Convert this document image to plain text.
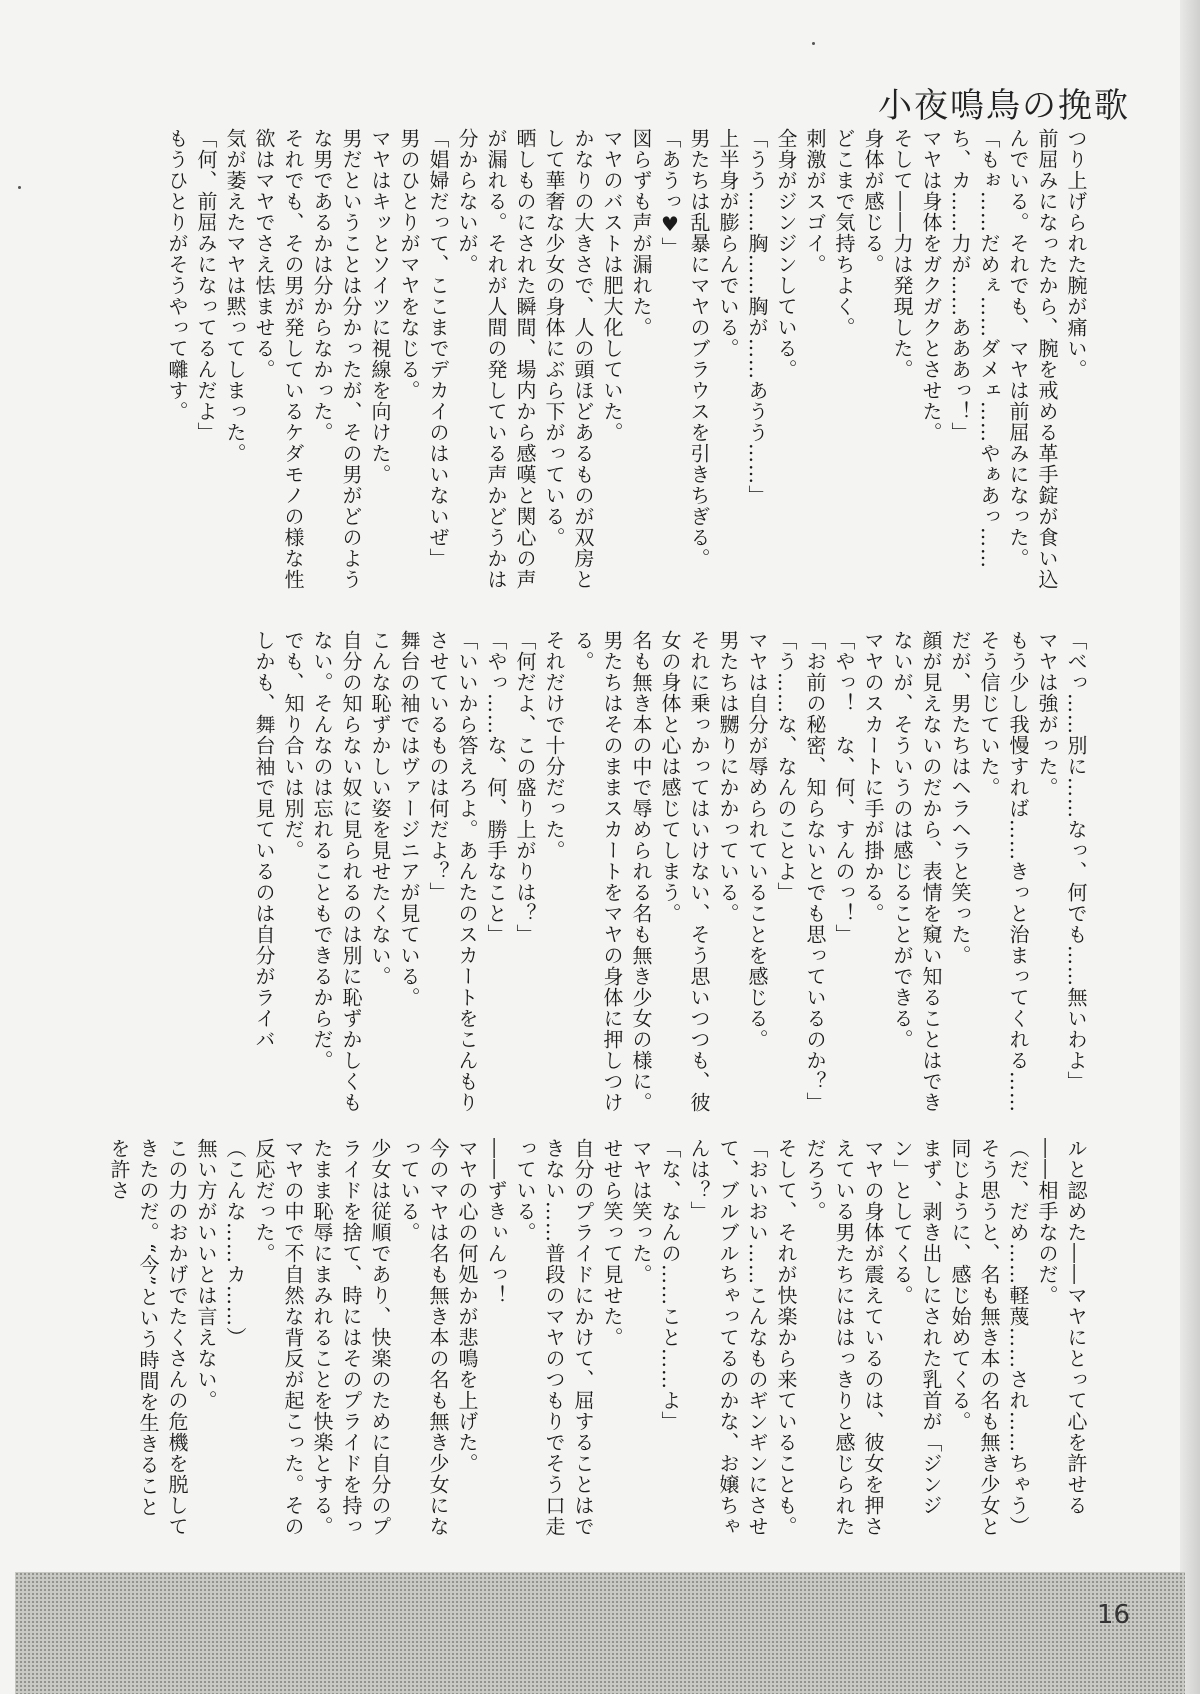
小夜鳴鳥の挽歌

つり上げられた腕が痛い。

前屈みになったから、腕を戒める革手錠が食い込んでいる。それでも、マヤは前屈みになった。

「もぉ……だめぇ……ダメェ……やぁあっ……ち、カ……力が……あああっ！」

マヤは身体をガクガクとさせた。

そして――力は発現した。

身体が感じる。

どこまで気持ちよく。

刺激がスゴイ。

全身がジンジンしている。

「うう……胸……胸が……あうう……」

上半身が膨らんでいる。

男たちは乱暴にマヤのブラウスを引きちぎる。

「あうっ♥」

図らずも声が漏れた。

マヤのバストは肥大化していた。

かなりの大きさで、人の頭ほどあるものが双房として華奢な少女の身体にぶら下がっている。

晒しものにされた瞬間、場内から感嘆と関心の声が漏れる。それが人間の発している声かどうかは分からないが。

「娼婦だって、ここまでデカイのはいないぜ」

男のひとりがマヤをなじる。

マヤはキッとソイツに視線を向けた。

男だということは分かったが、その男がどのような男であるかは分からなかった。

それでも、その男が発しているケダモノの様な性欲はマヤでさえ怯ませる。

気が萎えたマヤは黙ってしまった。

「何、前屈みになってるんだよ」

もうひとりがそうやって囃す。

「べっ……別に……なっ、何でも……無いわよ」

マヤは強がった。

もう少し我慢すれば……きっと治まってくれる……そう信じていた。

だが、男たちはヘラヘラと笑った。

顔が見えないのだから、表情を窺い知ることはできないが、そういうのは感じることができる。

マヤのスカートに手が掛かる。

「やっ！　な、何、すんのっ！」

「お前の秘密、知らないとでも思っているのか？」

「う……な、なんのことよ」

マヤは自分が辱められていることを感じる。

男たちは嬲りにかかっている。

それに乗っかってはいけない、そう思いつつも、彼女の身体と心は感じてしまう。

名も無き本の中で辱められる名も無き少女の様に。

男たちはそのままスカートをマヤの身体に押しつける。

それだけで十分だった。

「何だよ、この盛り上がりは？」

「やっ……な、何、勝手なこと」

「いいから答えろよ。あんたのスカートをこんもりさせているものは何だよ？」

舞台の袖ではヴァージニアが見ている。

こんな恥ずかしい姿を見せたくない。

自分の知らない奴に見られるのは別に恥ずかしくもない。そんなのは忘れることもできるからだ。

でも、知り合いは別だ。

しかも、舞台袖で見ているのは自分がライバ

ルと認めた――マヤにとって心を許せる――相手なのだ。

（だ、だめ……軽蔑……され……ちゃう）

そう思うと、名も無き本の名も無き少女と同じように、感じ始めてくる。

まず、剥き出しにされた乳首が「ジンジン」としてくる。

マヤの身体が震えているのは、彼女を押さえている男たちにははっきりと感じられただろう。

そして、それが快楽から来ていることも。

「おいおい……こんなものギンギンにさせて、ブルブルちゃってるのかな、お嬢ちゃんは？」

「な、なんの……こと……よ」

マヤは笑った。

せせら笑って見せた。

自分のプライドにかけて、屈することはできない……普段のマヤのつもりでそう口走っている。

――ずきぃんっ！

マヤの心の何処かが悲鳴を上げた。

今のマヤは名も無き本の名も無き少女になっている。

少女は従順であり、快楽のために自分のプライドを捨て、時にはそのプライドを持ったまま恥辱にまみれることを快楽とする。

マヤの中で不自然な背反が起こった。その反応だった。

（こんな……カ……）

無い方がいいとは言えない。

この力のおかげでたくさんの危機を脱してきたのだ。“今”という時間を生きることを許さ

16
